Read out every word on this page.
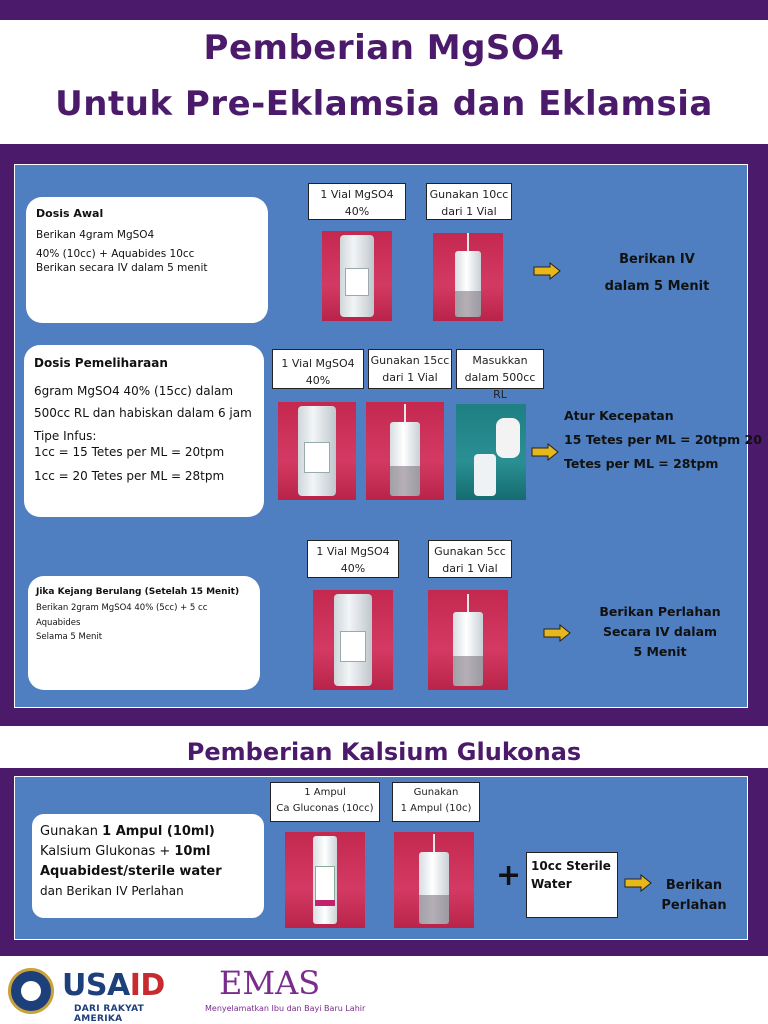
Pemberian MgSO4
Untuk Pre-Eklamsia dan Eklamsia

Dosis Awal

Berikan 4gram MgSO4

40% (10cc) + Aquabides 10cc

Berikan secara IV dalam 5 menit

1 Vial MgSO4
40%
Gunakan 10cc
dari 1 Vial
Berikan IV
dalam 5 Menit

Dosis Pemeliharaan

6gram MgSO4 40% (15cc) dalam

500cc RL dan habiskan dalam 6 jam

Tipe Infus:

1cc = 15 Tetes per ML = 20tpm

1cc = 20 Tetes per ML = 28tpm

1 Vial MgSO4
40%
Gunakan 15cc
dari 1 Vial
Masukkan
dalam 500cc RL
Atur Kecepatan
15 Tetes per ML = 20tpm 20
Tetes per ML = 28tpm

Jika Kejang Berulang (Setelah 15 Menit)

Berikan 2gram MgSO4 40% (5cc) + 5 cc

Aquabides

Selama 5 Menit

1 Vial MgSO4
40%
Gunakan 5cc
dari 1 Vial
Berikan Perlahan
Secara IV dalam
5 Menit
Pemberian Kalsium Glukonas
Gunakan 1 Ampul (10ml)
Kalsium Glukonas + 10ml
Aquabidest/sterile water
dan Berikan IV Perlahan
1 Ampul
Ca Gluconas (10cc)
Gunakan
1 Ampul (10c)
+ 10cc Sterile
Water	Berikan
Perlahan
USAID
DARI RAKYAT AMERIKA
EMAS
Menyelamatkan Ibu dan Bayi Baru Lahir
